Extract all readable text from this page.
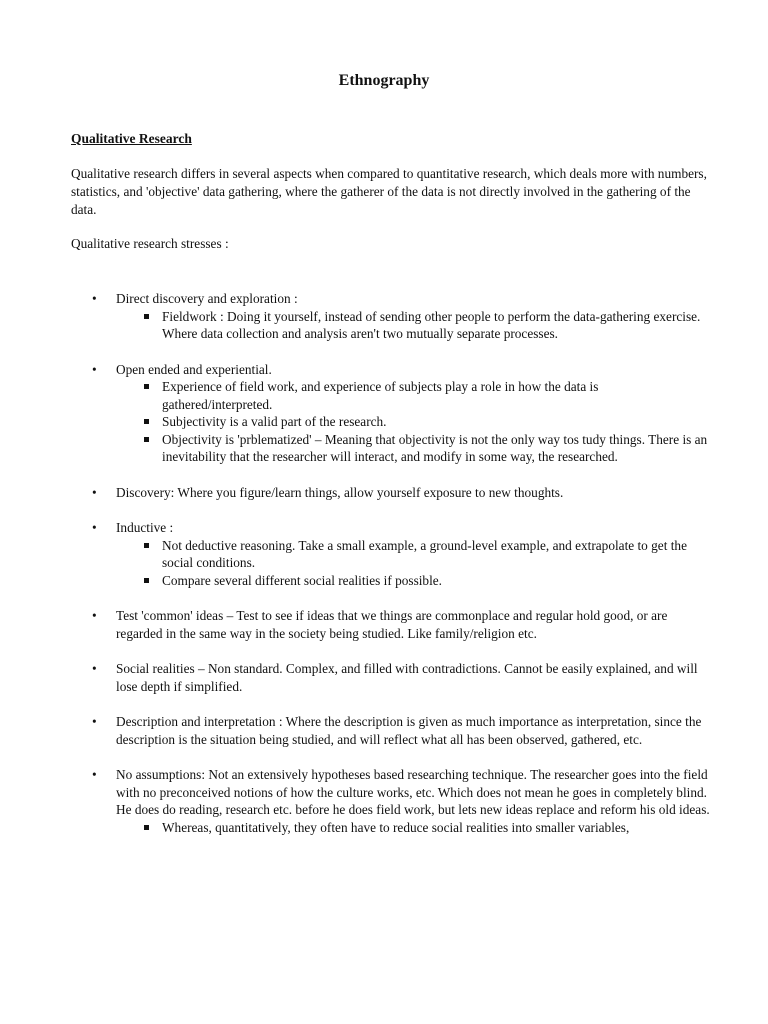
Ethnography
Qualitative Research

Qualitative research differs in several aspects when compared to quantitative research, which deals more with numbers, statistics, and 'objective' data gathering, where the gatherer of the data is not directly involved in the gathering of the data.

Qualitative research stresses :

• Direct discovery and exploration :
Fieldwork : Doing it yourself, instead of sending other people to perform the data-gathering exercise. Where data collection and analysis aren't two mutually separate processes.
• Open ended and experiential.
Experience of field work, and experience of subjects play a role in how the data is gathered/interpreted.
Subjectivity is a valid part of the research.
Objectivity is 'prblematized' – Meaning that objectivity is not the only way tos tudy things. There is an inevitability that the researcher will interact, and modify in some way, the researched.
• Discovery: Where you figure/learn things, allow yourself exposure to new thoughts.
• Inductive :
Not deductive reasoning. Take a small example, a ground-level example, and extrapolate to get the social conditions.
Compare several different social realities if possible.
• Test 'common' ideas – Test to see if ideas that we things are commonplace and regular hold good, or are regarded in the same way in the society being studied. Like family/religion etc.
• Social realities – Non standard. Complex, and filled with contradictions. Cannot be easily explained, and will lose depth if simplified.
• Description and interpretation : Where the description is given as much importance as interpretation, since the description is the situation being studied, and will reflect what all has been observed, gathered, etc.
• No assumptions: Not an extensively hypotheses based researching technique. The researcher goes into the field with no preconceived notions of how the culture works, etc. Which does not mean he goes in completely blind. He does do reading, research etc. before he does field work, but lets new ideas replace and reform his old ideas.
Whereas, quantitatively, they often have to reduce social realities into smaller variables,
